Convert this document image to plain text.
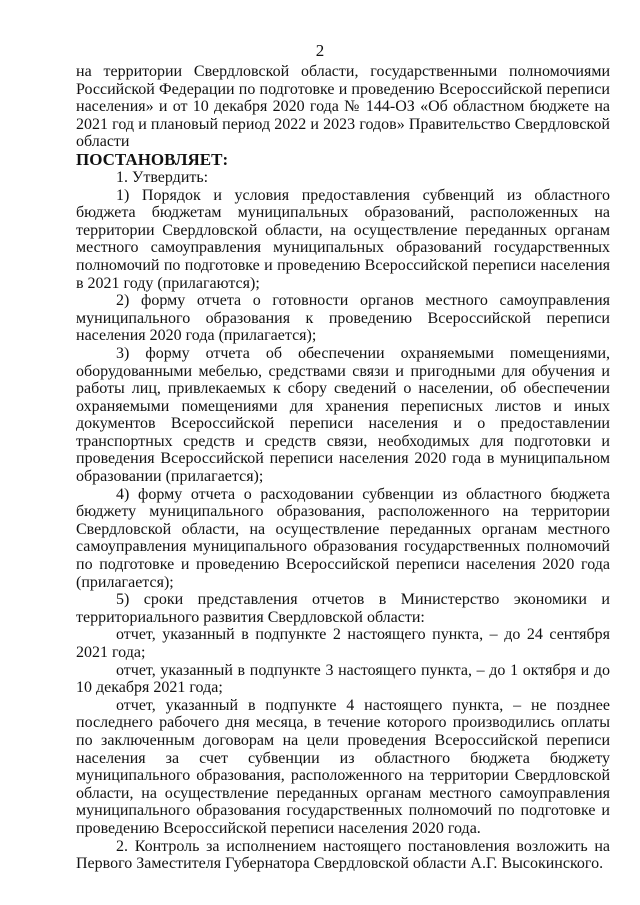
2

на территории Свердловской области, государственными полномочиями Российской Федерации по подготовке и проведению Всероссийской переписи населения» и от 10 декабря 2020 года № 144-ОЗ «Об областном бюджете на 2021 год и плановый период 2022 и 2023 годов» Правительство Свердловской области

ПОСТАНОВЛЯЕТ:

1. Утвердить:

1) Порядок и условия предоставления субвенций из областного бюджета бюджетам муниципальных образований, расположенных на территории Свердловской области, на осуществление переданных органам местного самоуправления муниципальных образований государственных полномочий по подготовке и проведению Всероссийской переписи населения в 2021 году (прилагаются);

2) форму отчета о готовности органов местного самоуправления муниципального образования к проведению Всероссийской переписи населения 2020 года (прилагается);

3) форму отчета об обеспечении охраняемыми помещениями, оборудованными мебелью, средствами связи и пригодными для обучения и работы лиц, привлекаемых к сбору сведений о населении, об обеспечении охраняемыми помещениями для хранения переписных листов и иных документов Всероссийской переписи населения и о предоставлении транспортных средств и средств связи, необходимых для подготовки и проведения Всероссийской переписи населения 2020 года в муниципальном образовании (прилагается);

4) форму отчета о расходовании субвенции из областного бюджета бюджету муниципального образования, расположенного на территории Свердловской области, на осуществление переданных органам местного самоуправления муниципального образования государственных полномочий по подготовке и проведению Всероссийской переписи населения 2020 года (прилагается);

5) сроки представления отчетов в Министерство экономики и территориального развития Свердловской области:

отчет, указанный в подпункте 2 настоящего пункта, – до 24 сентября 2021 года;

отчет, указанный в подпункте 3 настоящего пункта, – до 1 октября и до 10 декабря 2021 года;

отчет, указанный в подпункте 4 настоящего пункта, – не позднее последнего рабочего дня месяца, в течение которого производились оплаты по заключенным договорам на цели проведения Всероссийской переписи населения за счет субвенции из областного бюджета бюджету муниципального образования, расположенного на территории Свердловской области, на осуществление переданных органам местного самоуправления муниципального образования государственных полномочий по подготовке и проведению Всероссийской переписи населения 2020 года.

2. Контроль за исполнением настоящего постановления возложить на Первого Заместителя Губернатора Свердловской области А.Г. Высокинского.
